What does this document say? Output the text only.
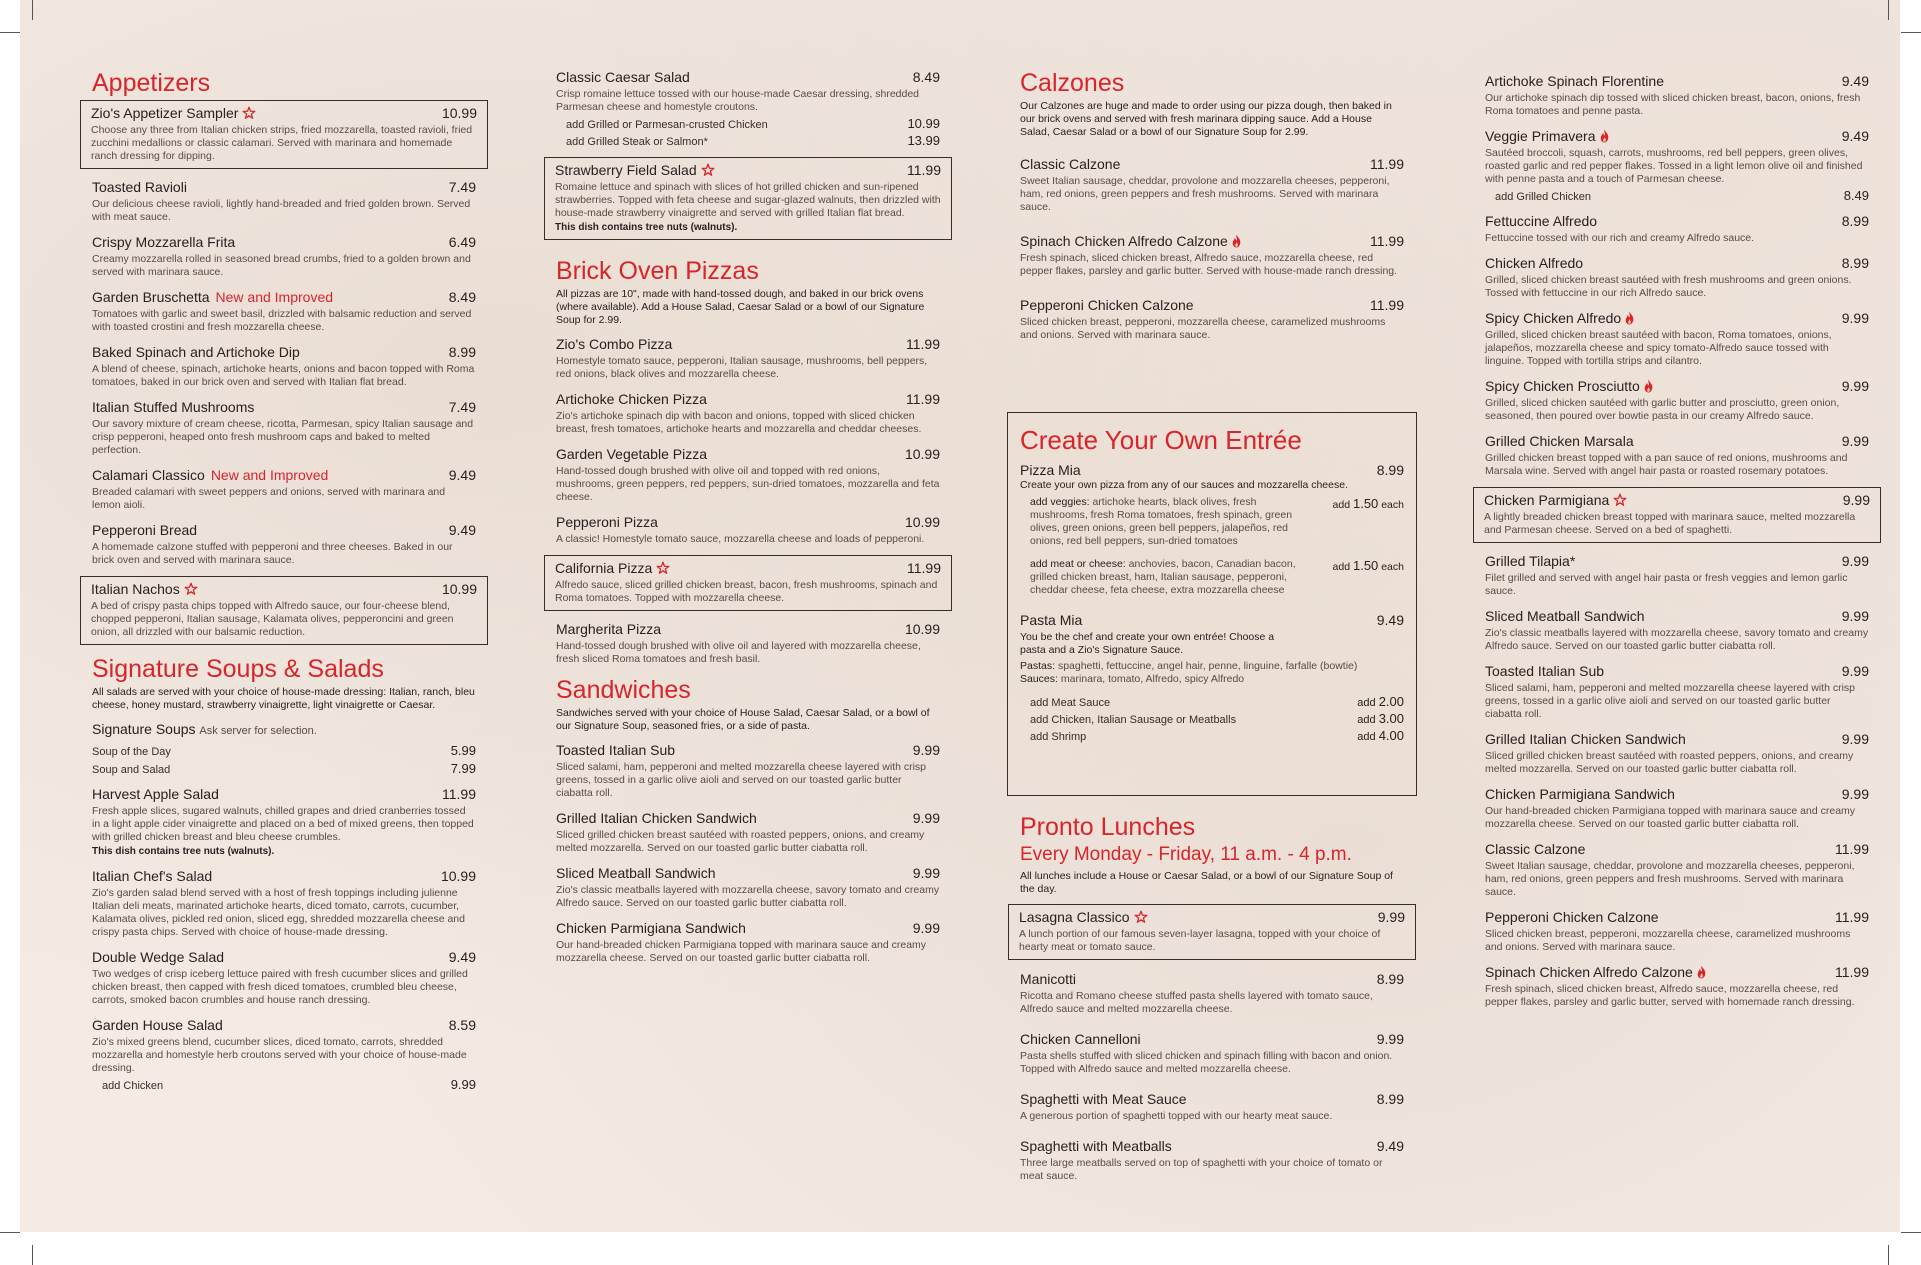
Appetizers
Zio's Appetizer Sampler	10.99
Choose any three from Italian chicken strips, fried mozzarella, toasted ravioli, fried zucchini medallions or classic calamari. Served with marinara and homemade ranch dressing for dipping.
Toasted Ravioli	7.49
Our delicious cheese ravioli, lightly hand-breaded and fried golden brown. Served with meat sauce.
Crispy Mozzarella Frita	6.49
Creamy mozzarella rolled in seasoned bread crumbs, fried to a golden brown and served with marinara sauce.
Garden Bruschetta New and Improved	8.49
Tomatoes with garlic and sweet basil, drizzled with balsamic reduction and served with toasted crostini and fresh mozzarella cheese.
Baked Spinach and Artichoke Dip	8.99
A blend of cheese, spinach, artichoke hearts, onions and bacon topped with Roma tomatoes, baked in our brick oven and served with Italian flat bread.
Italian Stuffed Mushrooms	7.49
Our savory mixture of cream cheese, ricotta, Parmesan, spicy Italian sausage and crisp pepperoni, heaped onto fresh mushroom caps and baked to melted perfection.
Calamari Classico New and Improved	9.49
Breaded calamari with sweet peppers and onions, served with marinara and lemon aioli.
Pepperoni Bread	9.49
A homemade calzone stuffed with pepperoni and three cheeses. Baked in our brick oven and served with marinara sauce.
Italian Nachos	10.99
A bed of crispy pasta chips topped with Alfredo sauce, our four-cheese blend, chopped pepperoni, Italian sausage, Kalamata olives, pepperoncini and green onion, all drizzled with our balsamic reduction.
Signature Soups & Salads
All salads are served with your choice of house-made dressing: Italian, ranch, bleu cheese, honey mustard, strawberry vinaigrette, light vinaigrette or Caesar.
Signature Soups Ask server for selection.
Soup of the Day	5.99
Soup and Salad	7.99
Harvest Apple Salad	11.99
Fresh apple slices, sugared walnuts, chilled grapes and dried cranberries tossed in a light apple cider vinaigrette and placed on a bed of mixed greens, then topped with grilled chicken breast and bleu cheese crumbles.
This dish contains tree nuts (walnuts).
Italian Chef's Salad	10.99
Zio's garden salad blend served with a host of fresh toppings including julienne Italian deli meats, marinated artichoke hearts, diced tomato, carrots, cucumber, Kalamata olives, pickled red onion, sliced egg, shredded mozzarella cheese and crispy pasta chips. Served with choice of house-made dressing.
Double Wedge Salad	9.49
Two wedges of crisp iceberg lettuce paired with fresh cucumber slices and grilled chicken breast, then capped with fresh diced tomatoes, crumbled bleu cheese, carrots, smoked bacon crumbles and house ranch dressing.
Garden House Salad	8.59
Zio's mixed greens blend, cucumber slices, diced tomato, carrots, shredded mozzarella and homestyle herb croutons served with your choice of house-made dressing.
add Chicken	9.99
Classic Caesar Salad	8.49
Crisp romaine lettuce tossed with our house-made Caesar dressing, shredded Parmesan cheese and homestyle croutons.
add Grilled or Parmesan-crusted Chicken	10.99
add Grilled Steak or Salmon*	13.99
Strawberry Field Salad	11.99
Romaine lettuce and spinach with slices of hot grilled chicken and sun-ripened strawberries. Topped with feta cheese and sugar-glazed walnuts, then drizzled with house-made strawberry vinaigrette and served with grilled Italian flat bread.
This dish contains tree nuts (walnuts).
Brick Oven Pizzas
All pizzas are 10", made with hand-tossed dough, and baked in our brick ovens (where available). Add a House Salad, Caesar Salad or a bowl of our Signature Soup for 2.99.
Zio's Combo Pizza	11.99
Homestyle tomato sauce, pepperoni, Italian sausage, mushrooms, bell peppers, red onions, black olives and mozzarella cheese.
Artichoke Chicken Pizza	11.99
Zio's artichoke spinach dip with bacon and onions, topped with sliced chicken breast, fresh tomatoes, artichoke hearts and mozzarella and cheddar cheeses.
Garden Vegetable Pizza	10.99
Hand-tossed dough brushed with olive oil and topped with red onions, mushrooms, green peppers, red peppers, sun-dried tomatoes, mozzarella and feta cheese.
Pepperoni Pizza	10.99
A classic! Homestyle tomato sauce, mozzarella cheese and loads of pepperoni.
California Pizza	11.99
Alfredo sauce, sliced grilled chicken breast, bacon, fresh mushrooms, spinach and Roma tomatoes. Topped with mozzarella cheese.
Margherita Pizza	10.99
Hand-tossed dough brushed with olive oil and layered with mozzarella cheese, fresh sliced Roma tomatoes and fresh basil.
Sandwiches
Sandwiches served with your choice of House Salad, Caesar Salad, or a bowl of our Signature Soup, seasoned fries, or a side of pasta.
Toasted Italian Sub	9.99
Sliced salami, ham, pepperoni and melted mozzarella cheese layered with crisp greens, tossed in a garlic olive aioli and served on our toasted garlic butter ciabatta roll.
Grilled Italian Chicken Sandwich	9.99
Sliced grilled chicken breast sautéed with roasted peppers, onions, and creamy melted mozzarella. Served on our toasted garlic butter ciabatta roll.
Sliced Meatball Sandwich	9.99
Zio's classic meatballs layered with mozzarella cheese, savory tomato and creamy Alfredo sauce. Served on our toasted garlic butter ciabatta roll.
Chicken Parmigiana Sandwich	9.99
Our hand-breaded chicken Parmigiana topped with marinara sauce and creamy mozzarella cheese. Served on our toasted garlic butter ciabatta roll.
Calzones
Our Calzones are huge and made to order using our pizza dough, then baked in our brick ovens and served with fresh marinara dipping sauce. Add a House Salad, Caesar Salad or a bowl of our Signature Soup for 2.99.
Classic Calzone	11.99
Sweet Italian sausage, cheddar, provolone and mozzarella cheeses, pepperoni, ham, red onions, green peppers and fresh mushrooms. Served with marinara sauce.
Spinach Chicken Alfredo Calzone	11.99
Fresh spinach, sliced chicken breast, Alfredo sauce, mozzarella cheese, red pepper flakes, parsley and garlic butter. Served with house-made ranch dressing.
Pepperoni Chicken Calzone	11.99
Sliced chicken breast, pepperoni, mozzarella cheese, caramelized mushrooms and onions. Served with marinara sauce.
Create Your Own Entrée
Pizza Mia	8.99
Create your own pizza from any of our sauces and mozzarella cheese.
add veggies: artichoke hearts, black olives, fresh mushrooms, fresh Roma tomatoes, fresh spinach, green olives, green onions, green bell peppers, jalapeños, red onions, red bell peppers, sun-dried tomatoes
add 1.50 each
add meat or cheese: anchovies, bacon, Canadian bacon, grilled chicken breast, ham, Italian sausage, pepperoni, cheddar cheese, feta cheese, extra mozzarella cheese
add 1.50 each
Pasta Mia	9.49
You be the chef and create your own entrée! Choose a pasta and a Zio's Signature Sauce.
Pastas: spaghetti, fettuccine, angel hair, penne, linguine, farfalle (bowtie)
Sauces: marinara, tomato, Alfredo, spicy Alfredo
add Meat Sauce	add 2.00
add Chicken, Italian Sausage or Meatballs	add 3.00
add Shrimp	add 4.00
Pronto Lunches
Every Monday - Friday, 11 a.m. - 4 p.m.
All lunches include a House or Caesar Salad, or a bowl of our Signature Soup of the day.
Lasagna Classico	9.99
A lunch portion of our famous seven-layer lasagna, topped with your choice of hearty meat or tomato sauce.
Manicotti	8.99
Ricotta and Romano cheese stuffed pasta shells layered with tomato sauce, Alfredo sauce and melted mozzarella cheese.
Chicken Cannelloni	9.99
Pasta shells stuffed with sliced chicken and spinach filling with bacon and onion. Topped with Alfredo sauce and melted mozzarella cheese.
Spaghetti with Meat Sauce	8.99
A generous portion of spaghetti topped with our hearty meat sauce.
Spaghetti with Meatballs	9.49
Three large meatballs served on top of spaghetti with your choice of tomato or meat sauce.
Artichoke Spinach Florentine	9.49
Our artichoke spinach dip tossed with sliced chicken breast, bacon, onions, fresh Roma tomatoes and penne pasta.
Veggie Primavera	9.49
Sautéed broccoli, squash, carrots, mushrooms, red bell peppers, green olives, roasted garlic and red pepper flakes. Tossed in a light lemon olive oil and finished with penne pasta and a touch of Parmesan cheese.
add Grilled Chicken	8.49
Fettuccine Alfredo	8.99
Fettuccine tossed with our rich and creamy Alfredo sauce.
Chicken Alfredo	8.99
Grilled, sliced chicken breast sautéed with fresh mushrooms and green onions. Tossed with fettuccine in our rich Alfredo sauce.
Spicy Chicken Alfredo	9.99
Grilled, sliced chicken breast sautéed with bacon, Roma tomatoes, onions, jalapeños, mozzarella cheese and spicy tomato-Alfredo sauce tossed with linguine. Topped with tortilla strips and cilantro.
Spicy Chicken Prosciutto	9.99
Grilled, sliced chicken sautéed with garlic butter and prosciutto, green onion, seasoned, then poured over bowtie pasta in our creamy Alfredo sauce.
Grilled Chicken Marsala	9.99
Grilled chicken breast topped with a pan sauce of red onions, mushrooms and Marsala wine. Served with angel hair pasta or roasted rosemary potatoes.
Chicken Parmigiana	9.99
A lightly breaded chicken breast topped with marinara sauce, melted mozzarella and Parmesan cheese. Served on a bed of spaghetti.
Grilled Tilapia*	9.99
Filet grilled and served with angel hair pasta or fresh veggies and lemon garlic sauce.
Sliced Meatball Sandwich	9.99
Zio's classic meatballs layered with mozzarella cheese, savory tomato and creamy Alfredo sauce. Served on our toasted garlic butter ciabatta roll.
Toasted Italian Sub	9.99
Sliced salami, ham, pepperoni and melted mozzarella cheese layered with crisp greens, tossed in a garlic olive aioli and served on our toasted garlic butter ciabatta roll.
Grilled Italian Chicken Sandwich	9.99
Sliced grilled chicken breast sautéed with roasted peppers, onions, and creamy melted mozzarella. Served on our toasted garlic butter ciabatta roll.
Chicken Parmigiana Sandwich	9.99
Our hand-breaded chicken Parmigiana topped with marinara sauce and creamy mozzarella cheese. Served on our toasted garlic butter ciabatta roll.
Classic Calzone	11.99
Sweet Italian sausage, cheddar, provolone and mozzarella cheeses, pepperoni, ham, red onions, green peppers and fresh mushrooms. Served with marinara sauce.
Pepperoni Chicken Calzone	11.99
Sliced chicken breast, pepperoni, mozzarella cheese, caramelized mushrooms and onions. Served with marinara sauce.
Spinach Chicken Alfredo Calzone	11.99
Fresh spinach, sliced chicken breast, Alfredo sauce, mozzarella cheese, red pepper flakes, parsley and garlic butter, served with homemade ranch dressing.
